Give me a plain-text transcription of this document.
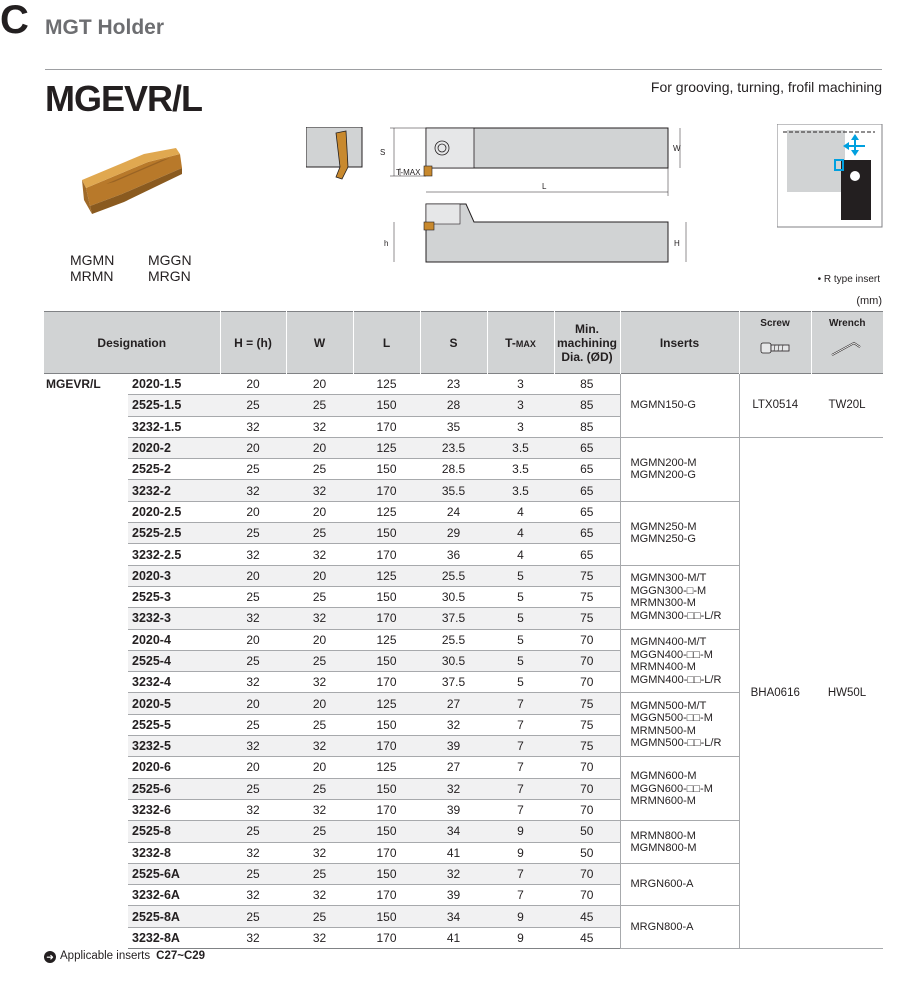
C MGT Holder
MGEVR/L	For grooving, turning, frofil machining
MGMN MGGN
MRMN MRGN
S
T-MAX
L
W
h	H
• R type insert
(mm)
Designation		H = (h)	W	L	S	T-MAX	Min.
machining
Dia. (ØD)	Inserts	Screw	Wrench

MGEVR/L	2020-1.5	20	20	125	23	3	85	MGMN150-G	LTX0514	TW20L
	2525-1.5	25	25	150	28	3	85			
	3232-1.5	32	32	170	35	3	85			
	2020-2	20	20	125	23.5	3.5	65	MGMN200-M
MGMN200-G	BHA0616	HW50L
	2525-2	25	25	150	28.5	3.5	65			
	3232-2	32	32	170	35.5	3.5	65			
	2020-2.5	20	20	125	24	4	65	MGMN250-M
MGMN250-G		

	2525-2.5	25	25	150	29	4	65			
	3232-2.5	32	32	170	36	4	65			
	2020-3	20	20	125	25.5	5	75	MGMN300-M/T
MGGN300-□-M
MRMN300-M
MGMN300-□□-L/R		

	2525-3	25	25	150	30.5	5	75			
	3232-3	32	32	170	37.5	5	75			
	2020-4	20	20	125	25.5	5	70	MGMN400-M/T
MGGN400-□□-M
MRMN400-M
MGMN400-□□-L/R		

	2525-4	25	25	150	30.5	5	70			
	3232-4	32	32	170	37.5	5	70			
	2020-5	20	20	125	27	7	75	MGMN500-M/T
MGGN500-□□-M
MRMN500-M
MGMN500-□□-L/R		

	2525-5	25	25	150	32	7	75			
	3232-5	32	32	170	39	7	75			
	2020-6	20	20	125	27	7	70	MGMN600-M
MGGN600-□□-M
MRMN600-M		

	2525-6	25	25	150	32	7	70			
	3232-6	32	32	170	39	7	70			
	2525-8	25	25	150	34	9	50	MRMN800-M
MGMN800-M		

	3232-8	32	32	170	41	9	50			
	2525-6A	25	25	150	32	7	70	MRGN600-A		

	3232-6A	32	32	170	39	7	70			
	2525-8A	25	25	150	34	9	45	MRGN800-A		

	3232-8A	32	32	170	41	9	45			
➜ Applicable inserts C27~C29
